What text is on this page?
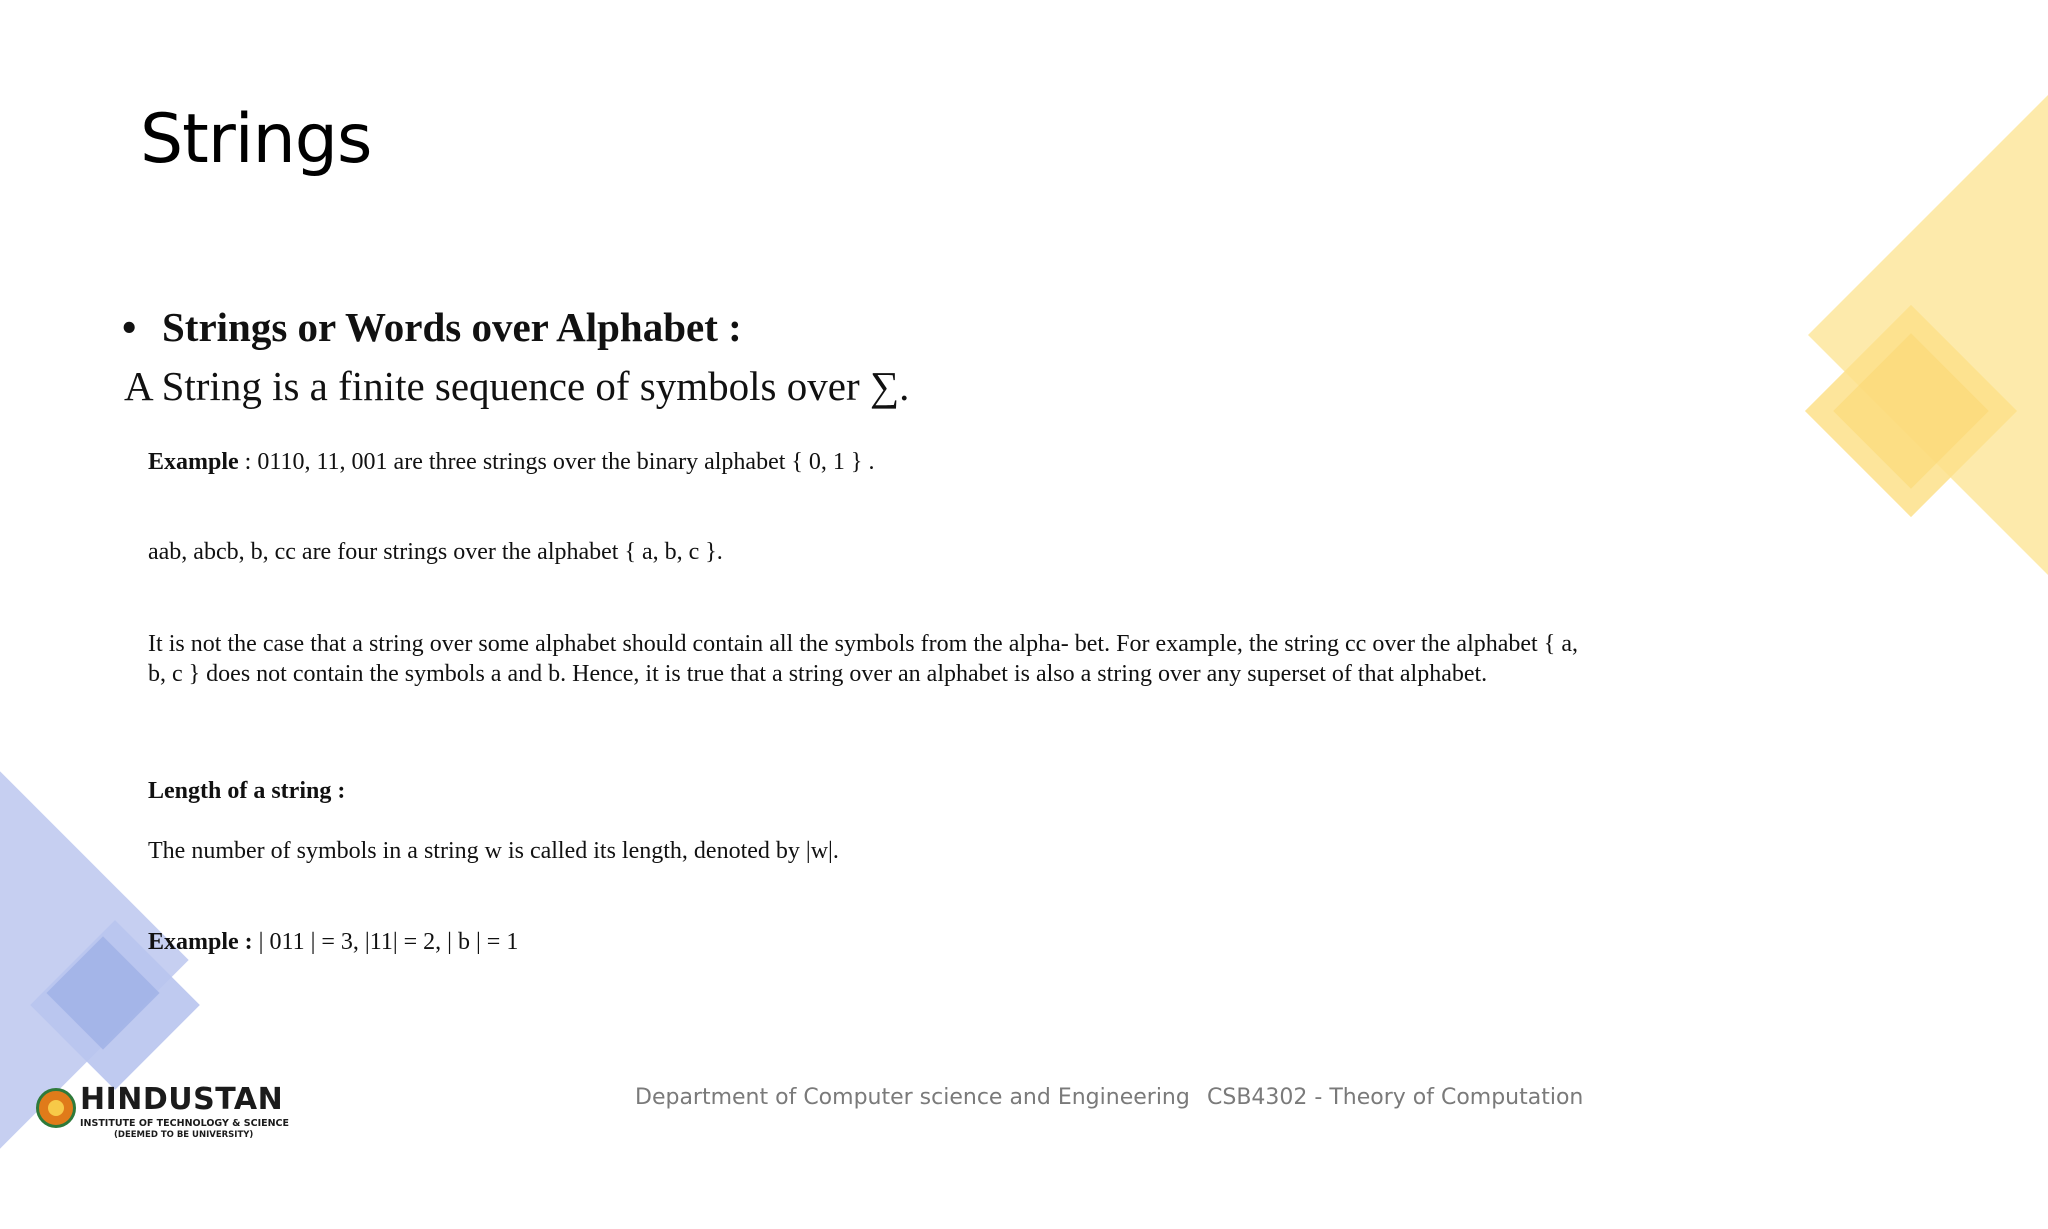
Strings
• Strings or Words over Alphabet :
A String is a finite sequence of symbols over ∑.
Example : 0110, 11, 001 are three strings over the binary alphabet { 0, 1 } .
aab, abcb, b, cc are four strings over the alphabet { a, b, c }.
It is not the case that a string over some alphabet should contain all the symbols from the alpha- bet. For example, the string cc over the alphabet { a, b, c } does not contain the symbols a and b. Hence, it is true that a string over an alphabet is also a string over any superset of that alphabet.
Length of a string :
The number of symbols in a string w is called its length, denoted by |w|.
Example : | 011 | = 3, |11| = 2, | b | = 1
HINDUSTAN
INSTITUTE OF TECHNOLOGY & SCIENCE
(DEEMED TO BE UNIVERSITY)
Department of Computer science and Engineering CSB4302 - Theory of Computation
